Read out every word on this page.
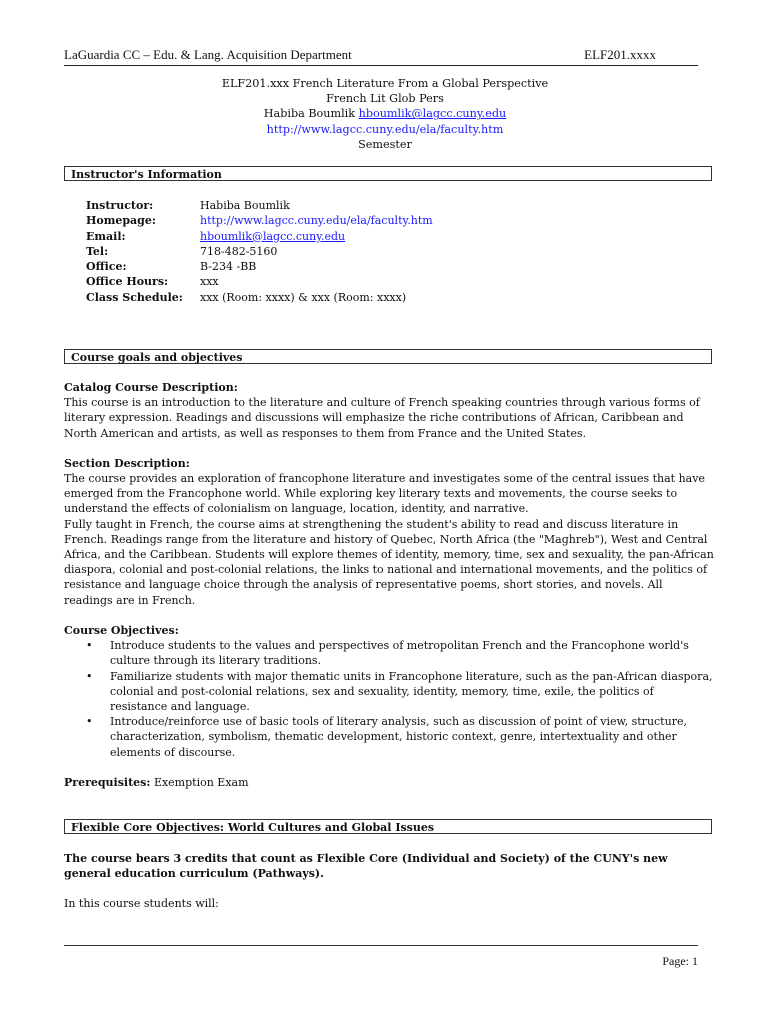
LaGuardia CC – Edu. & Lang. Acquisition Department	ELF201.xxxx
ELF201.xxx French Literature From a Global Perspective
French Lit Glob Pers
Habiba Boumlik hboumlik@lagcc.cuny.edu
http://www.lagcc.cuny.edu/ela/faculty.htm
Semester
Instructor's Information
Instructor:	Habiba Boumlik
Homepage:	http://www.lagcc.cuny.edu/ela/faculty.htm
Email:	hboumlik@lagcc.cuny.edu
Tel:	718-482-5160
Office:	B-234 -BB
Office Hours:	xxx
Class Schedule:	xxx (Room: xxxx) & xxx (Room: xxxx)
Course goals and objectives

Catalog Course Description:

This course is an introduction to the literature and culture of French speaking countries through various forms of literary expression. Readings and discussions will emphasize the riche contributions of African, Caribbean and North American and artists, as well as responses to them from France and the United States.

Section Description:

The course provides an exploration of francophone literature and investigates some of the central issues that have emerged from the Francophone world. While exploring key literary texts and movements, the course seeks to understand the effects of colonialism on language, location, identity, and narrative.

Fully taught in French, the course aims at strengthening the student's ability to read and discuss literature in French. Readings range from the literature and history of Quebec, North Africa (the "Maghreb"), West and Central Africa, and the Caribbean. Students will explore themes of identity, memory, time, sex and sexuality, the pan-African diaspora, colonial and post-colonial relations, the links to national and international movements, and the politics of resistance and language choice through the analysis of representative poems, short stories, and novels. All readings are in French.

Course Objectives:

• Introduce students to the values and perspectives of metropolitan French and the Francophone world's culture through its literary traditions.
• Familiarize students with major thematic units in Francophone literature, such as the pan-African diaspora, colonial and post-colonial relations, sex and sexuality, identity, memory, time, exile, the politics of resistance and language.
• Introduce/reinforce use of basic tools of literary analysis, such as discussion of point of view, structure, characterization, symbolism, thematic development, historic context, genre, intertextuality and other elements of discourse.

Prerequisites: Exemption Exam

Flexible Core Objectives: World Cultures and Global Issues

The course bears 3 credits that count as Flexible Core (Individual and Society) of the CUNY's new general education curriculum (Pathways).

In this course students will:

Page: 1
